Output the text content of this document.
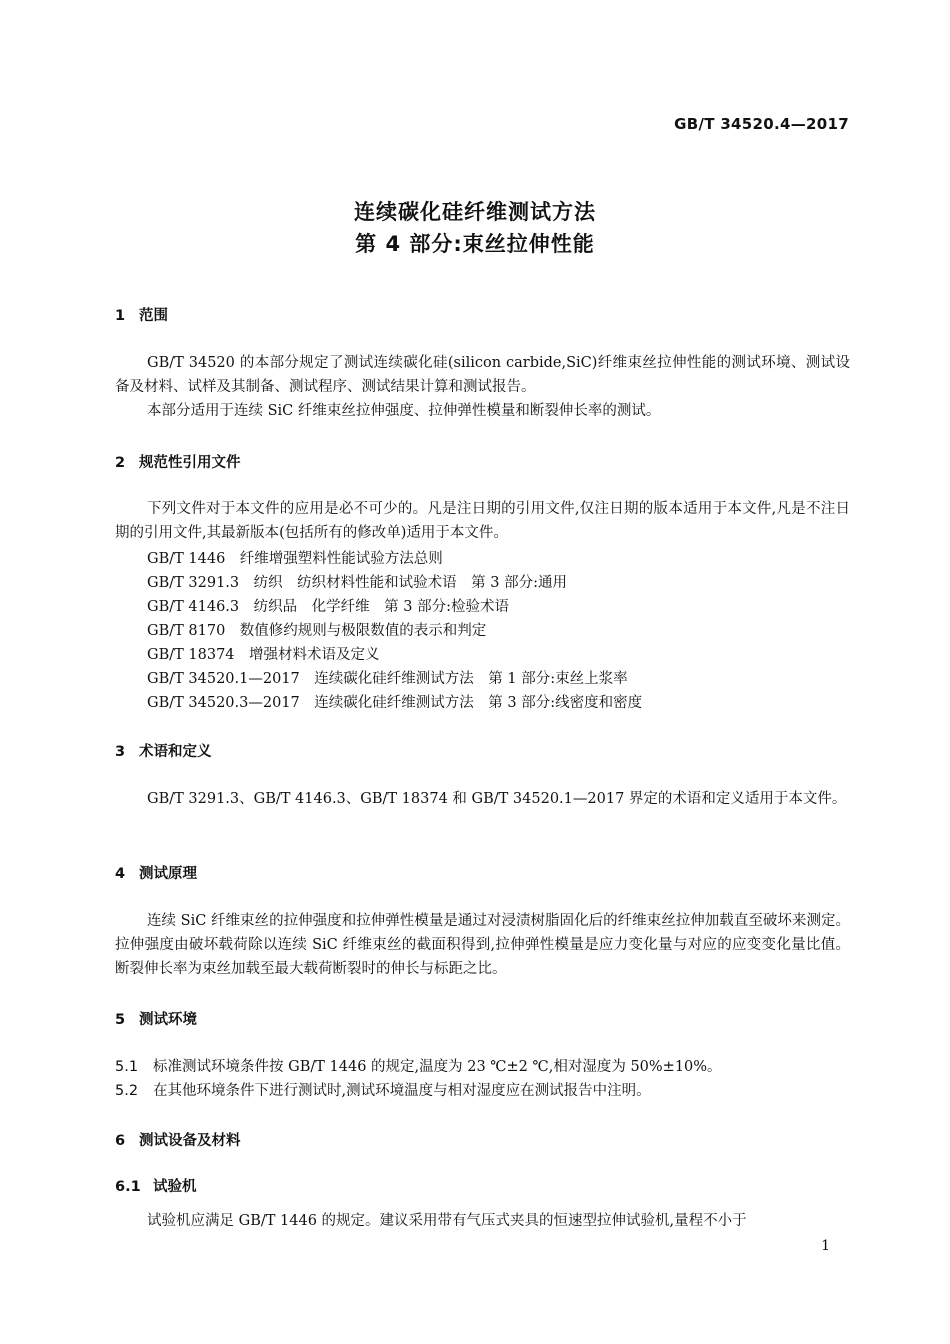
GB/T 34520.4—2017
连续碳化硅纤维测试方法
第 4 部分:束丝拉伸性能
1 范围
GB/T 34520 的本部分规定了测试连续碳化硅(silicon carbide,SiC)纤维束丝拉伸性能的测试环境、测试设备及材料、试样及其制备、测试程序、测试结果计算和测试报告。
本部分适用于连续 SiC 纤维束丝拉伸强度、拉伸弹性模量和断裂伸长率的测试。
2 规范性引用文件
下列文件对于本文件的应用是必不可少的。凡是注日期的引用文件,仅注日期的版本适用于本文件,凡是不注日期的引用文件,其最新版本(包括所有的修改单)适用于本文件。
GB/T 1446　纤维增强塑料性能试验方法总则
GB/T 3291.3　纺织　纺织材料性能和试验术语　第 3 部分:通用
GB/T 4146.3　纺织品　化学纤维　第 3 部分:检验术语
GB/T 8170　数值修约规则与极限数值的表示和判定
GB/T 18374　增强材料术语及定义
GB/T 34520.1—2017　连续碳化硅纤维测试方法　第 1 部分:束丝上浆率
GB/T 34520.3—2017　连续碳化硅纤维测试方法　第 3 部分:线密度和密度
3 术语和定义
GB/T 3291.3、GB/T 4146.3、GB/T 18374 和 GB/T 34520.1—2017 界定的术语和定义适用于本文件。
4 测试原理
连续 SiC 纤维束丝的拉伸强度和拉伸弹性模量是通过对浸渍树脂固化后的纤维束丝拉伸加载直至破坏来测定。拉伸强度由破坏载荷除以连续 SiC 纤维束丝的截面积得到,拉伸弹性模量是应力变化量与对应的应变变化量比值。断裂伸长率为束丝加载至最大载荷断裂时的伸长与标距之比。
5 测试环境
5.1 标准测试环境条件按 GB/T 1446 的规定,温度为 23 ℃±2 ℃,相对湿度为 50%±10%。
5.2 在其他环境条件下进行测试时,测试环境温度与相对湿度应在测试报告中注明。
6 测试设备及材料
6.1 试验机
试验机应满足 GB/T 1446 的规定。建议采用带有气压式夹具的恒速型拉伸试验机,量程不小于
1
